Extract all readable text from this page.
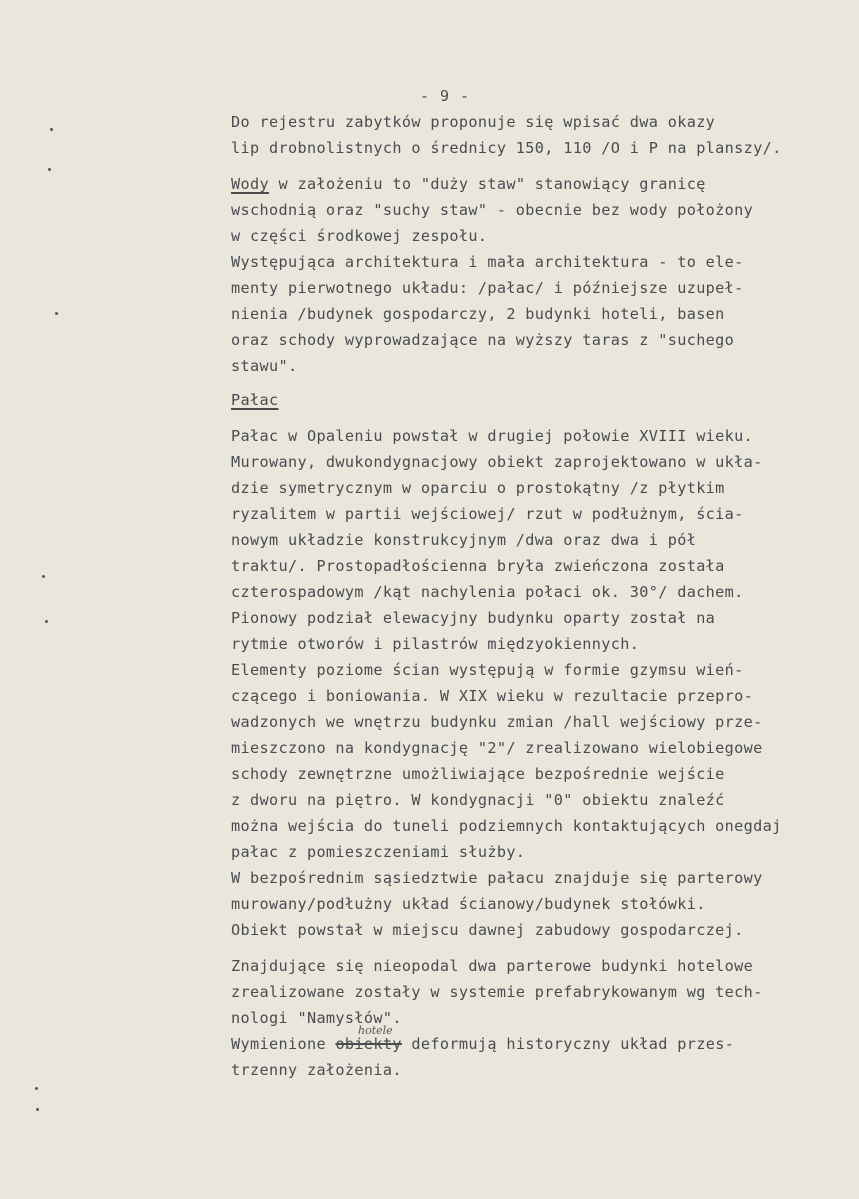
- 9 -
Do rejestru zabytków proponuje się wpisać dwa okazy
lip drobnolistnych o średnicy 150, 110 /O i P na planszy/.
Wody w założeniu to "duży staw" stanowiący granicę
wschodnią oraz "suchy staw" - obecnie bez wody położony
w części środkowej zespołu.
Występująca architektura i mała architektura - to ele-
menty pierwotnego układu: /pałac/ i późniejsze uzupeł-
nienia /budynek gospodarczy, 2 budynki hoteli, basen
oraz schody wyprowadzające na wyższy taras z "suchego
stawu".
Pałac
Pałac w Opaleniu powstał w drugiej połowie XVIII wieku.
Murowany, dwukondygnacjowy obiekt zaprojektowano w ukła-
dzie symetrycznym w oparciu o prostokątny /z płytkim
ryzalitem w partii wejściowej/ rzut w podłużnym, ścia-
nowym układzie konstrukcyjnym /dwa oraz dwa i pół
traktu/. Prostopadłościenna bryła zwieńczona została
czterospadowym /kąt nachylenia połaci ok. 30°/ dachem.
Pionowy podział elewacyjny budynku oparty został na
rytmie otworów i pilastrów międzyokiennych.
Elementy poziome ścian występują w formie gzymsu wień-
czącego i boniowania. W XIX wieku w rezultacie przepro-
wadzonych we wnętrzu budynku zmian /hall wejściowy prze-
mieszczono na kondygnację "2"/ zrealizowano wielobiegowe
schody zewnętrzne umożliwiające bezpośrednie wejście
z dworu na piętro. W kondygnacji "0" obiektu znaleźć
można wejścia do tuneli podziemnych kontaktujących onegdaj
pałac z pomieszczeniami służby.
W bezpośrednim sąsiedztwie pałacu znajduje się parterowy
murowany/podłużny układ ścianowy/budynek stołówki.
Obiekt powstał w miejscu dawnej zabudowy gospodarczej.
Znajdujące się nieopodal dwa parterowe budynki hotelowe
zrealizowane zostały w systemie prefabrykowanym wg tech-
nologi "Namysłów".
hotele
Wymienione obiekty deformują historyczny układ przes-
trzenny założenia.
